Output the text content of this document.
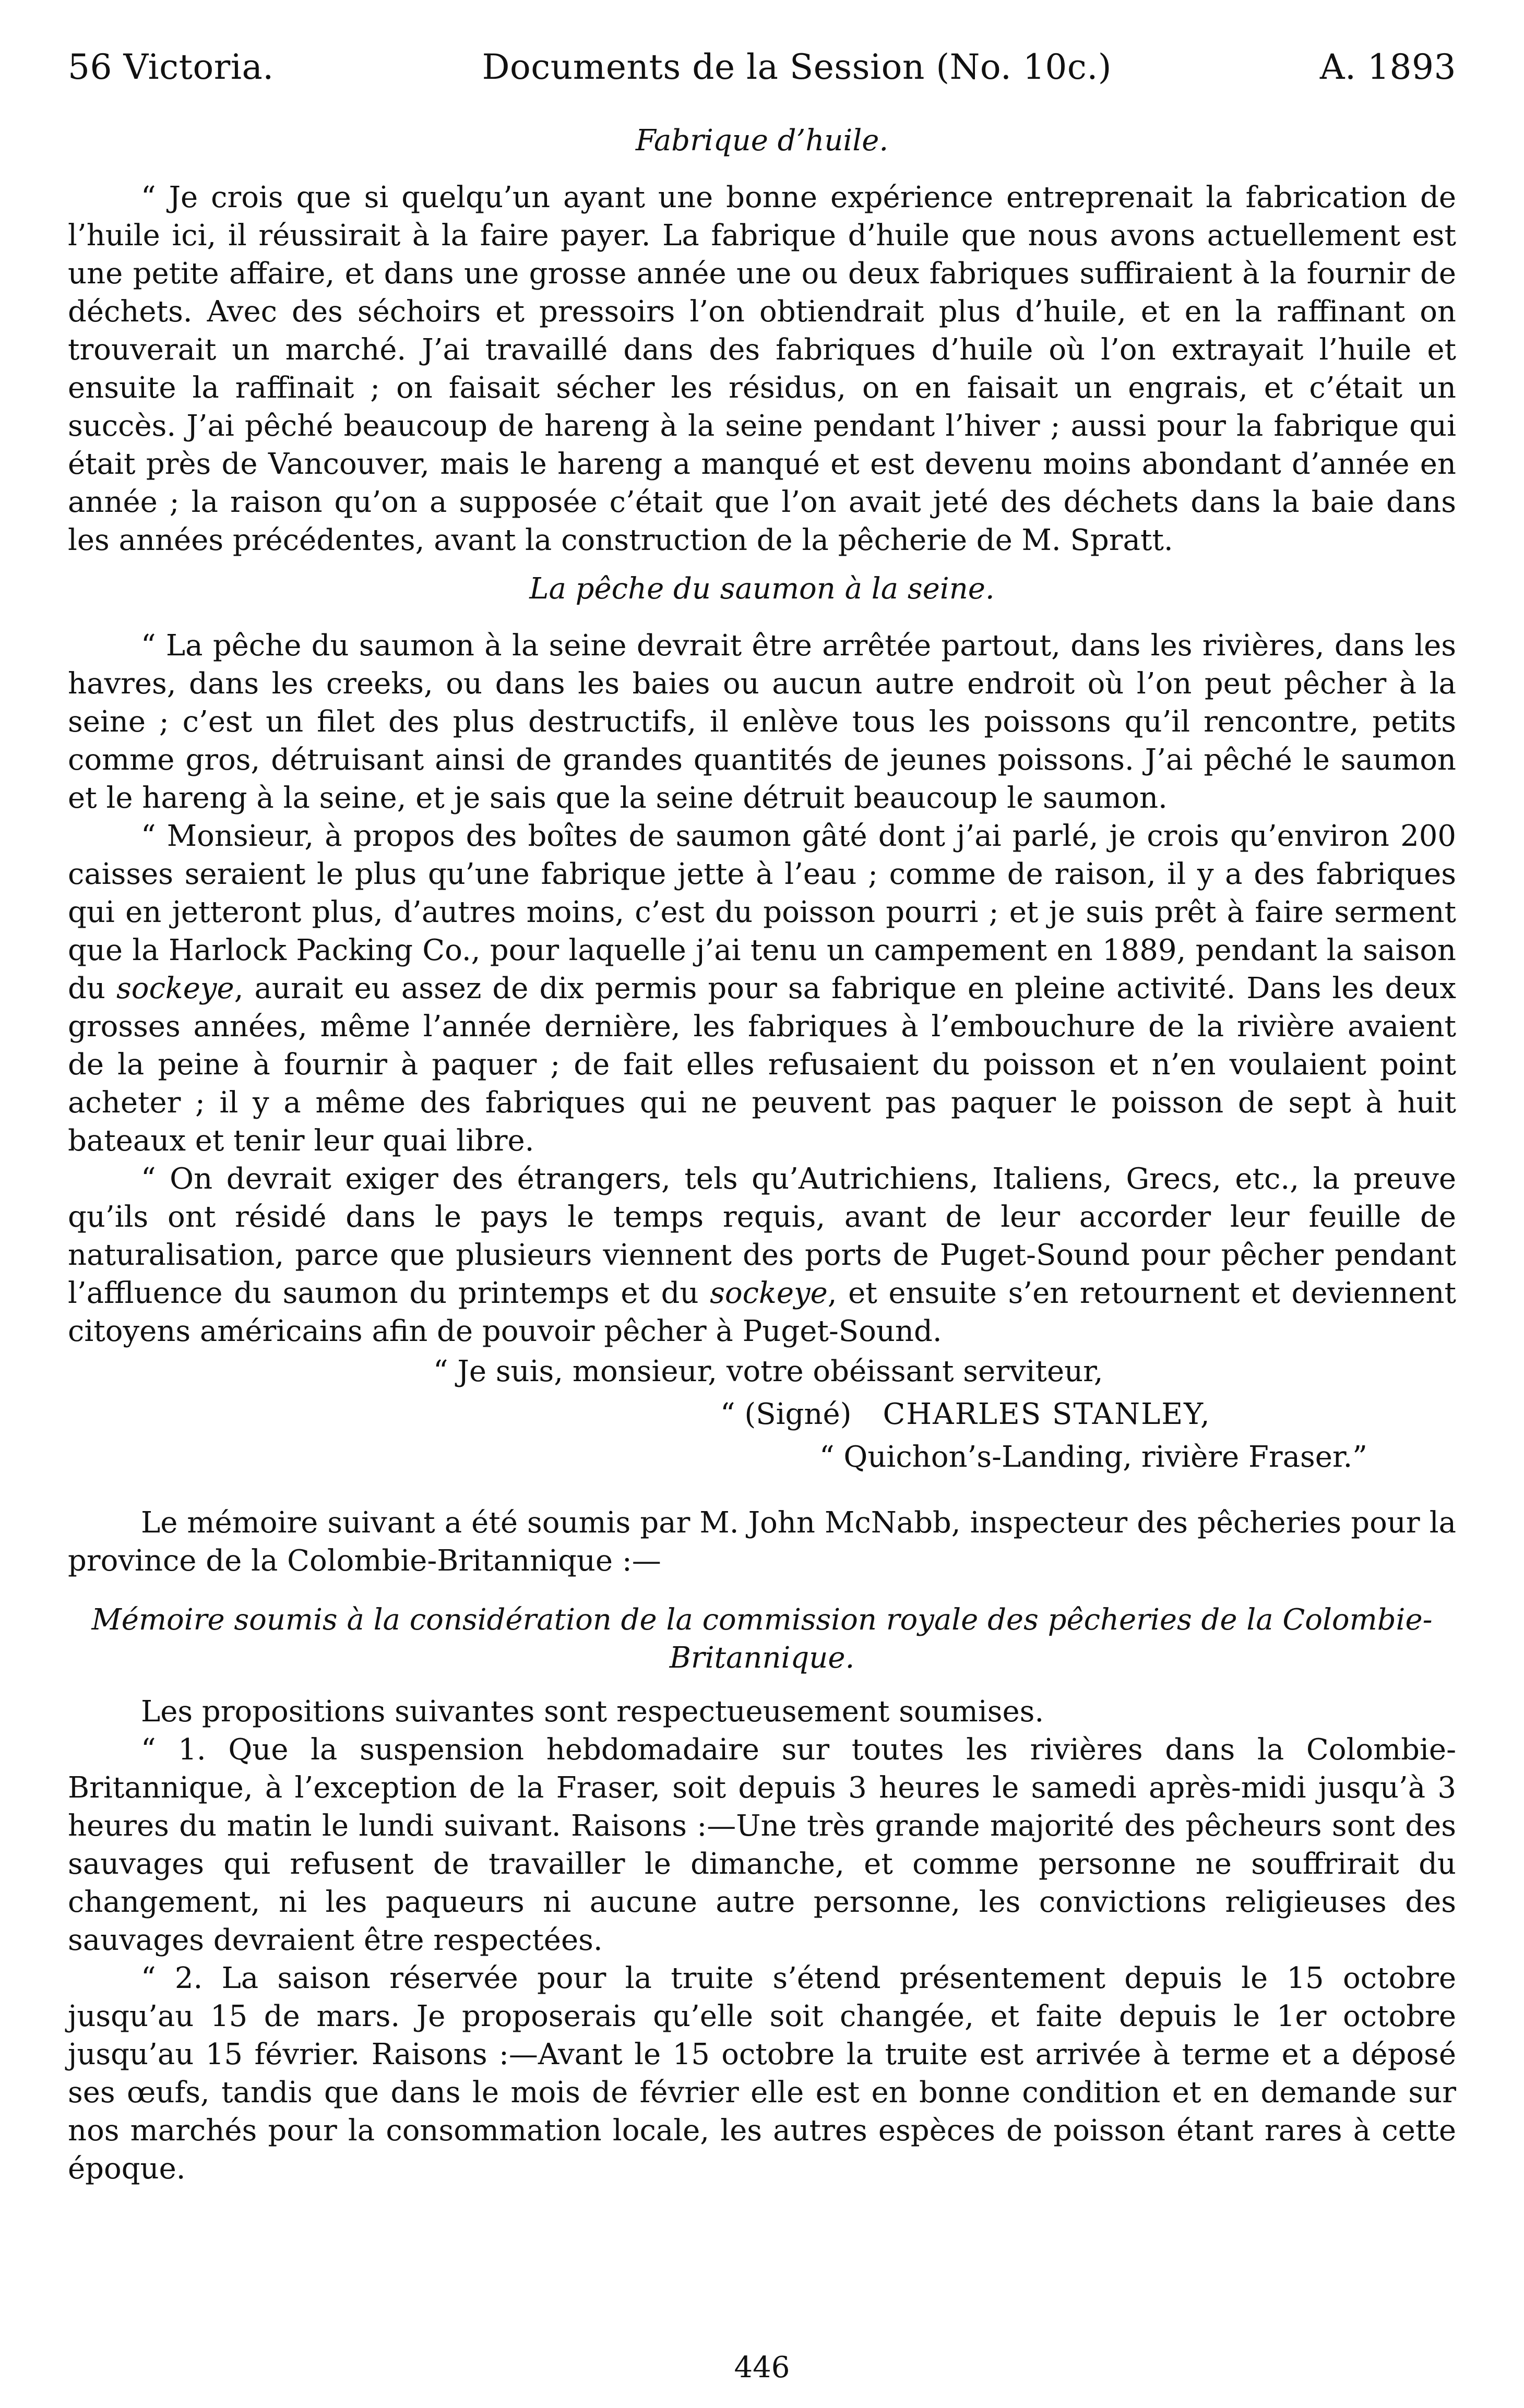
56 Victoria.	Documents de la Session (No. 10c.)	A. 1893
Fabrique d’huile.

“ Je crois que si quelqu’un ayant une bonne expérience entreprenait la fabrication de l’huile ici, il réussirait à la faire payer. La fabrique d’huile que nous avons actuellement est une petite affaire, et dans une grosse année une ou deux fabriques suffiraient à la fournir de déchets. Avec des séchoirs et pressoirs l’on obtiendrait plus d’huile, et en la raffinant on trouverait un marché. J’ai travaillé dans des fabriques d’huile où l’on extrayait l’huile et ensuite la raffinait ; on faisait sécher les résidus, on en faisait un engrais, et c’était un succès. J’ai pêché beaucoup de hareng à la seine pendant l’hiver ; aussi pour la fabrique qui était près de Vancouver, mais le hareng a manqué et est devenu moins abondant d’année en année ; la raison qu’on a supposée c’était que l’on avait jeté des déchets dans la baie dans les années précédentes, avant la construction de la pêcherie de M. Spratt.

La pêche du saumon à la seine.

“ La pêche du saumon à la seine devrait être arrêtée partout, dans les rivières, dans les havres, dans les creeks, ou dans les baies ou aucun autre endroit où l’on peut pêcher à la seine ; c’est un filet des plus destructifs, il enlève tous les poissons qu’il rencontre, petits comme gros, détruisant ainsi de grandes quantités de jeunes poissons. J’ai pêché le saumon et le hareng à la seine, et je sais que la seine détruit beaucoup le saumon.

“ Monsieur, à propos des boîtes de saumon gâté dont j’ai parlé, je crois qu’environ 200 caisses seraient le plus qu’une fabrique jette à l’eau ; comme de raison, il y a des fabriques qui en jetteront plus, d’autres moins, c’est du poisson pourri ; et je suis prêt à faire serment que la Harlock Packing Co., pour laquelle j’ai tenu un campement en 1889, pendant la saison du sockeye, aurait eu assez de dix permis pour sa fabrique en pleine activité. Dans les deux grosses années, même l’année dernière, les fabriques à l’embouchure de la rivière avaient de la peine à fournir à paquer ; de fait elles refusaient du poisson et n’en voulaient point acheter ; il y a même des fabriques qui ne peuvent pas paquer le poisson de sept à huit bateaux et tenir leur quai libre.

“ On devrait exiger des étrangers, tels qu’Autrichiens, Italiens, Grecs, etc., la preuve qu’ils ont résidé dans le pays le temps requis, avant de leur accorder leur feuille de naturalisation, parce que plusieurs viennent des ports de Puget-Sound pour pêcher pendant l’affluence du saumon du printemps et du sockeye, et ensuite s’en retournent et deviennent citoyens américains afin de pouvoir pêcher à Puget-Sound.

“ Je suis, monsieur, votre obéissant serviteur,
“ (Signé) CHARLES STANLEY,
“ Quichon’s-Landing, rivière Fraser.”

Le mémoire suivant a été soumis par M. John McNabb, inspecteur des pêcheries pour la province de la Colombie-Britannique :—

Mémoire soumis à la considération de la commission royale des pêcheries de la Colombie-Britannique.

Les propositions suivantes sont respectueusement soumises.

“ 1. Que la suspension hebdomadaire sur toutes les rivières dans la Colombie-Britannique, à l’exception de la Fraser, soit depuis 3 heures le samedi après-midi jusqu’à 3 heures du matin le lundi suivant. Raisons :—Une très grande majorité des pêcheurs sont des sauvages qui refusent de travailler le dimanche, et comme personne ne souffrirait du changement, ni les paqueurs ni aucune autre personne, les convictions religieuses des sauvages devraient être respectées.

“ 2. La saison réservée pour la truite s’étend présentement depuis le 15 octobre jusqu’au 15 de mars. Je proposerais qu’elle soit changée, et faite depuis le 1er octobre jusqu’au 15 février. Raisons :—Avant le 15 octobre la truite est arrivée à terme et a déposé ses œufs, tandis que dans le mois de février elle est en bonne condition et en demande sur nos marchés pour la consommation locale, les autres espèces de poisson étant rares à cette époque.

446
